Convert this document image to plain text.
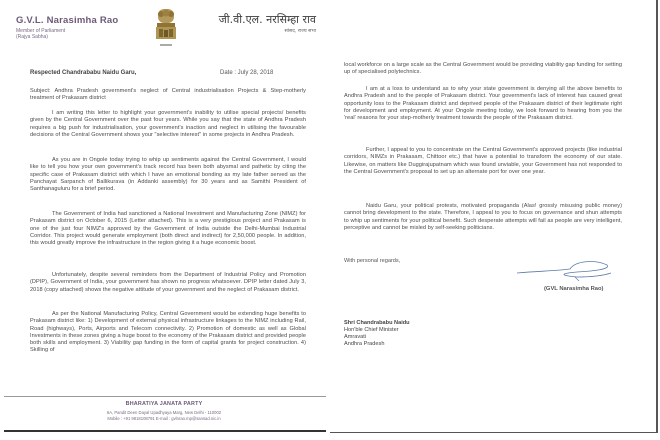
G.V.L. Narasimha Rao
Member of Parliament
(Rajya Sabha)
जी.वी.एल. नरसिम्हा राव
सांसद, राज्य सभा
Respected Chandrababu Naidu Garu,	Date : July 28, 2018
Subject: Andhra Pradesh government's neglect of Central industrialisation Projects & Step-motherly treatment of Prakasam district
I am writing this letter to highlight your government's inability to utilise special projects/ benefits given by the Central Government over the past four years. While you say that the state of Andhra Pradesh requires a big push for industrialisation, your government's inaction and neglect in utilising the favourable decisions of the Central Government shows your "selective interest" in some projects in Andhra Pradesh.
As you are in Ongole today trying to whip up sentiments against the Central Government, I would like to tell you how your own government's track record has been both abysmal and pathetic by citing the specific case of Prakasam district with which I have an emotional bonding as my late father served as the Panchayat Sarpanch of Ballikurava (in Addanki assembly) for 30 years and as Samithi President of Santhanaguluru for a brief period.
The Government of India had sanctioned a National Investment and Manufacturing Zone (NIMZ) for Prakasam district on October 6, 2015 (Letter attached). This is a very prestigious project and Prakasam is one of the just four NIMZ's approved by the Government of India outside the Delhi-Mumbai Industrial Corridor. This project would generate employment (both direct and indirect) for 2,50,000 people. In addition, this would greatly improve the infrastructure in the region giving it a huge economic boost.
Unfortunately, despite several reminders from the Department of Industrial Policy and Promotion (DPIP), Government of India, your government has shown no progress whatsoever. DPIP letter dated July 3, 2018 (copy attached) shows the negative attitude of your government and the neglect of Prakasam district.
As per the National Manufacturing Policy, Central Government would be extending huge benefits to Prakasam district like: 1) Development of external physical infrastructure linkages to the NIMZ including Rail, Road (highways), Ports, Airports and Telecom connectivity. 2) Promotion of domestic as well as Global Investments in these zones giving a huge boost to the economy of the Prakasam district and provided people both skills and employment. 3) Viability gap funding in the form of capital grants for project construction. 4) Skilling of
BHARATIYA JANATA PARTY
6A, Pandit Deen Dayal Upadhyaya Marg, New Delhi - 110002
Mobile : +91 9818108791 E-mail : gvlnrao.mp@sansad.nic.in
local workforce on a large scale as the Central Government would be providing viability gap funding for setting up of specialised polytechnics.
I am at a loss to understand as to why your state government is denying all the above benefits to Andhra Pradesh and to the people of Prakasam district. Your government's lack of interest has caused great opportunity loss to the Prakasam district and deprived people of the Prakasam district of their legitimate right for development and employment. At your Ongole meeting today, we look forward to hearing from you the 'real' reasons for your step-motherly treatment towards the people of the Prakasam district.
Further, I appeal to you to concentrate on the Central Government's approved projects (like industrial corridors, NIMZs in Prakasam, Chittoor etc.) that have a potential to transform the economy of our state. Likewise, on matters like Duggirajupatnam which was found unviable, your Government has not responded to the Central Government's proposal to set up an alternate port for over one year.
Naidu Garu, your political protests, motivated propaganda (Alas! grossly misusing public money) cannot bring development to the state. Therefore, I appeal to you to focus on governance and shun attempts to whip up sentiments for your political benefit. Such desperate attempts will fail as people are very intelligent, perceptive and cannot be misled by self-seeking politicians.
With personal regards,
(GVL Narasimha Rao)
Shri Chandrababu Naidu
Hon'ble Chief Minister
Amravati
Andhra Pradesh
